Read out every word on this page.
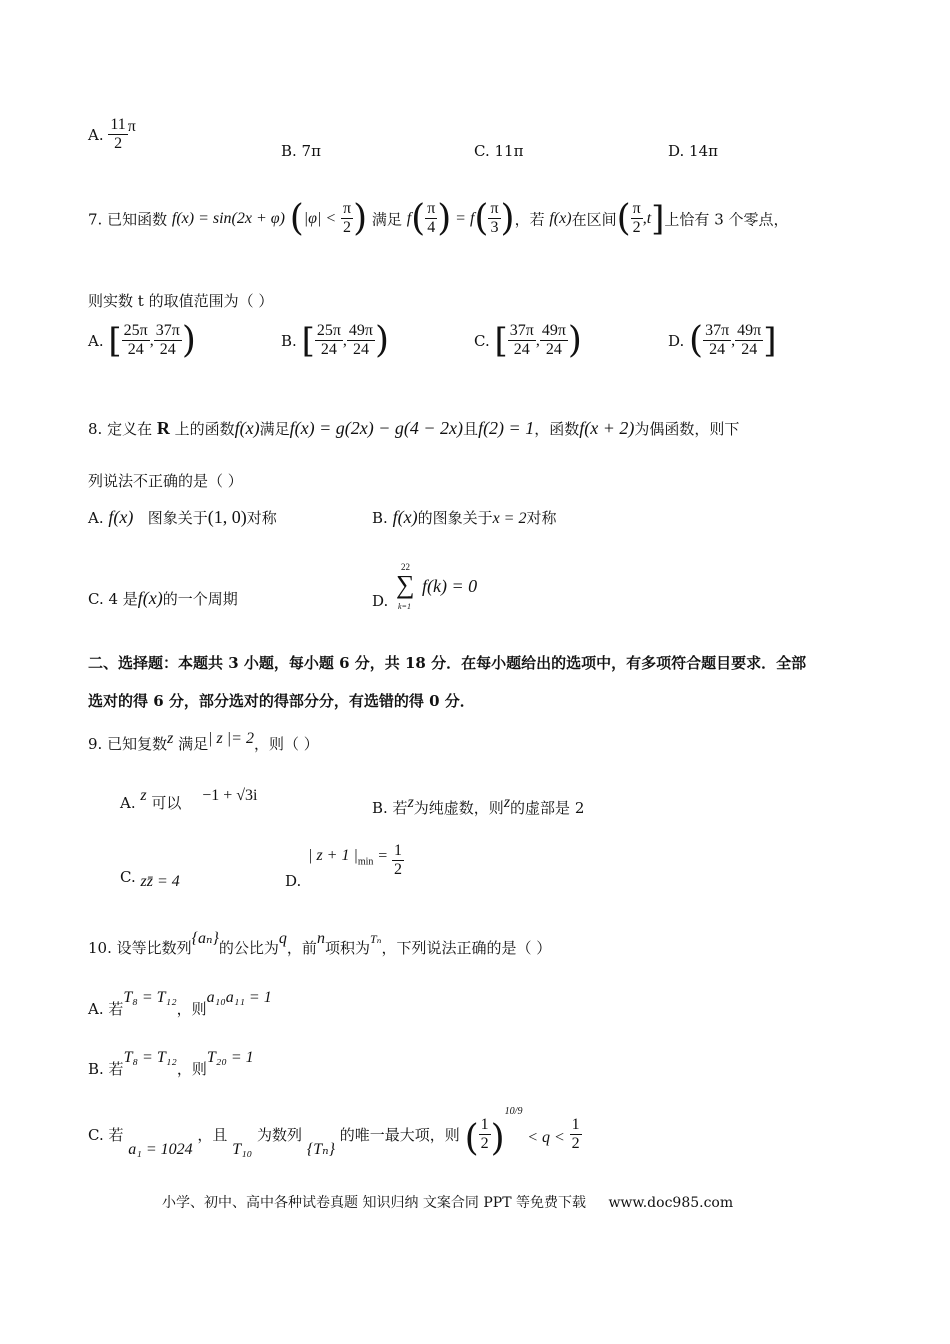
A. $\frac{11}{2}$ π
B. 7π	C. 11π	D. 14π
7. 已知函数 f(x) = sin(2x + φ) ($|\varphi| < \frac{\pi}{2}$ ) 满足 $f( \frac{\pi}{4}$ ) = $f( \frac{\pi}{3}$ )，若 f(x)在区间( $\frac{\pi}{2} ,t$]上恰有 3 个零点，
则实数 t 的取值范围为（ ）
A. [ $\frac{25\pi}{24}$ , $\frac{37\pi}{24}$ )	B. [ $\frac{25\pi}{24}$ , $\frac{49\pi}{24}$ )	C. [ $\frac{37\pi}{24}$ , $\frac{49\pi}{24}$ )	D. ( $\frac{37\pi}{24}$ , $\frac{49\pi}{24}$ ]
8. 定义在 R 上的函数f(x)满足f(x) = g(2x) − g(4 − 2x)且f(2) = 1，函数f(x + 2)为偶函数，则下
列说法不正确的是（ ）
A. f(x) 图象关于(1, 0)对称	B. f(x)的图象关于x = 2对称
C. 4 是f(x)的一个周期	D.
22
∑
k=1
f(k) = 0
二、选择题：本题共 3 小题，每小题 6 分，共 18 分．在每小题给出的选项中，有多项符合题目要求．全部
选对的得 6 分，部分选对的得部分分，有选错的得 0 分．
9. 已知复数z 满足| z |= 2，则（ ）
A. z 可以 −1 + √3i
B. 若z为纯虚数，则z的虚部是 2
C. zz̄ = 4	D. | z + 1 $|_{min} = \frac{1}{2}$
10. 设等比数列{aₙ}的公比为q，前n项积为Tₙ，下列说法正确的是（ ）
A. 若T₈ = T₁₂，则a₁₀a₁₁ = 1
B. 若T₈ = T₁₂，则T₂₀ = 1
C. 若 a₁ = 1024 ，且 T₁₀ 为数列 {Tₙ} 的唯一最大项，则 ( $\frac{1}{2} )^{10/9} < q < \frac{1}{2}$
小学、初中、高中各种试卷真题 知识归纳 文案合同 PPT 等免费下载 www.doc985.com
